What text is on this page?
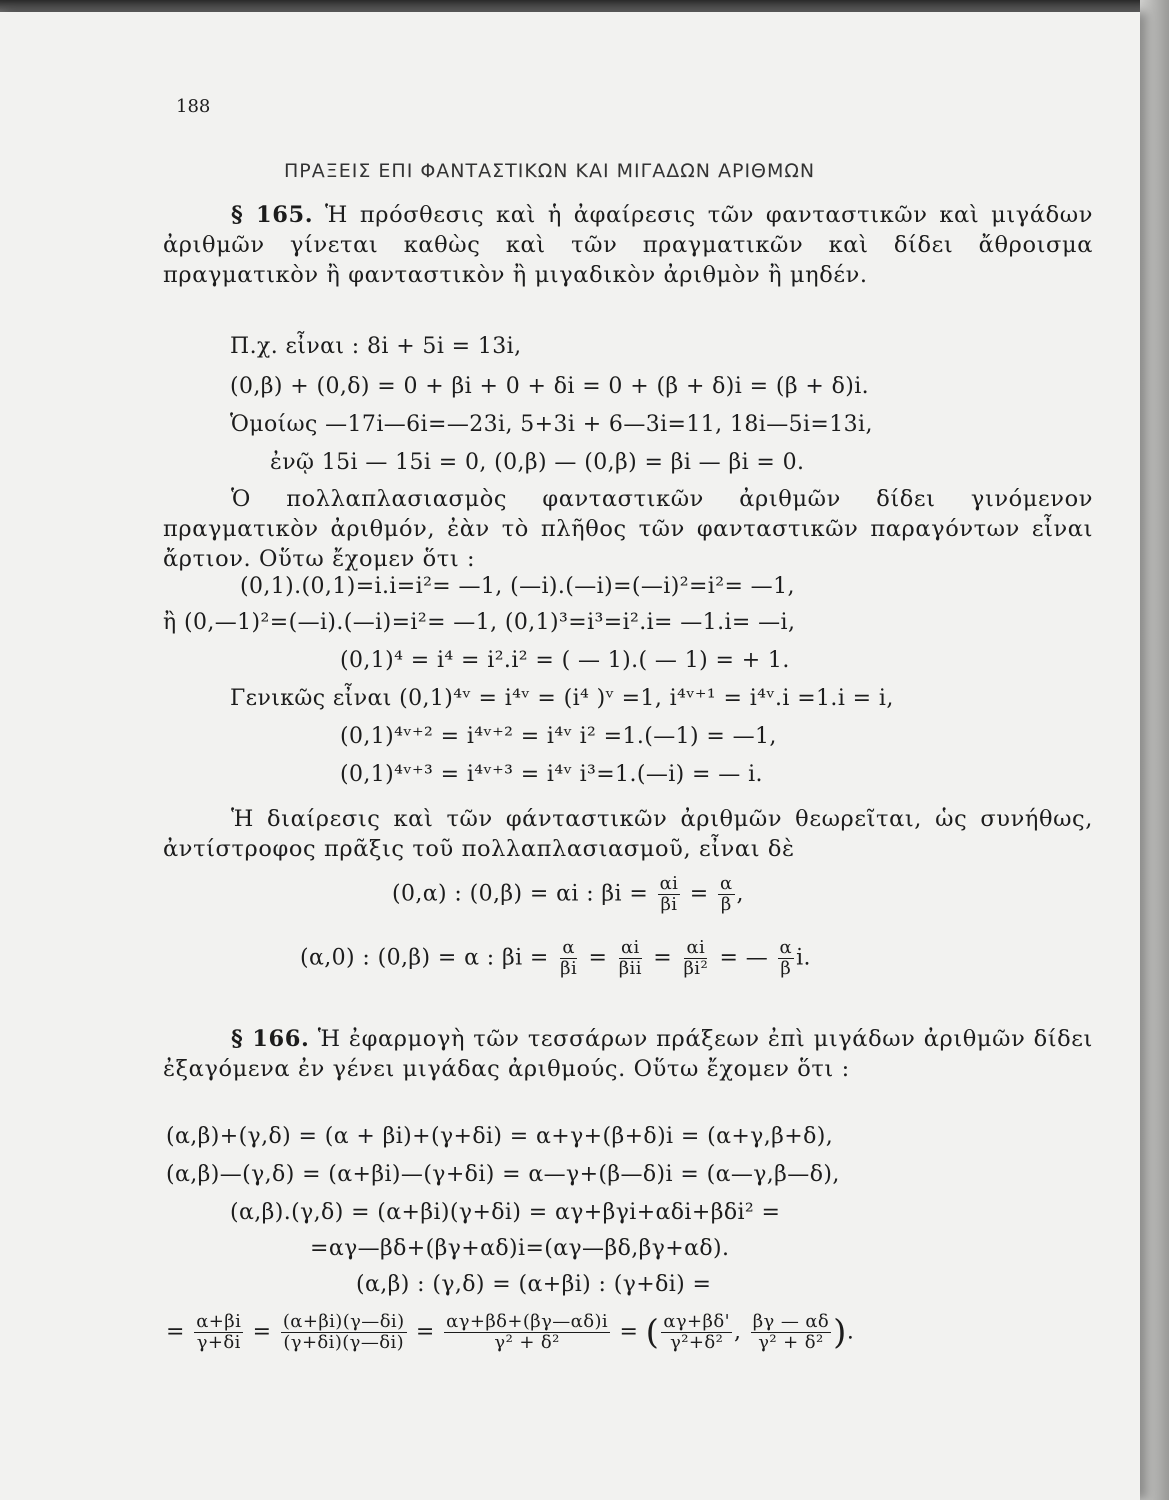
188
ΠΡΑΞΕΙΣ ΕΠΙ ΦΑΝΤΑΣΤΙΚΩΝ ΚΑΙ ΜΙΓΑΔΩΝ ΑΡΙΘΜΩΝ
§ 165. Ἡ πρόσθεσις καὶ ἡ ἀφαίρεσις τῶν φανταστικῶν καὶ μιγάδων ἀριθμῶν γίνεται καθὼς καὶ τῶν πραγματικῶν καὶ δίδει ἄθροισμα πραγματικὸν ἢ φανταστικὸν ἢ μιγαδικὸν ἀριθμὸν ἢ μηδέν.
Π.χ. εἶναι : 8i + 5i = 13i,
(0,β) + (0,δ) = 0 + βi + 0 + δi = 0 + (β + δ)i = (β + δ)i.
Ὁμοίως —17i—6i=—23i, 5+3i + 6—3i=11, 18i—5i=13i,
ἐνῷ 15i — 15i = 0, (0,β) — (0,β) = βi — βi = 0.
Ὁ πολλαπλασιασμὸς φανταστικῶν ἀριθμῶν δίδει γινόμενον πραγματικὸν ἀριθμόν, ἐὰν τὸ πλῆθος τῶν φανταστικῶν παραγόντων εἶναι ἄρτιον. Οὕτω ἔχομεν ὅτι :
(0,1).(0,1)=i.i=i²= —1, (—i).(—i)=(—i)²=i²= —1,
ἢ (0,—1)²=(—i).(—i)=i²= —1, (0,1)³=i³=i².i= —1.i= —i,
(0,1)⁴ = i⁴ = i².i² = ( — 1).( — 1) = + 1.
Γενικῶς εἶναι (0,1)⁴ᵛ = i⁴ᵛ = (i⁴ )ᵛ =1, i⁴ᵛ⁺¹ = i⁴ᵛ.i =1.i = i,
(0,1)⁴ᵛ⁺² = i⁴ᵛ⁺² = i⁴ᵛ i² =1.(—1) = —1,
(0,1)⁴ᵛ⁺³ = i⁴ᵛ⁺³ = i⁴ᵛ i³=1.(—i) = — i.
Ἡ διαίρεσις καὶ τῶν φάνταστικῶν ἀριθμῶν θεωρεῖται, ὡς συνήθως, ἀντίστροφος πρᾶξις τοῦ πολλαπλασιασμοῦ, εἶναι δὲ
(0,α) : (0,β) = αi : $\beta i = \frac{\alpha i}{\beta i} = \frac{\alpha}{\beta}$ ,
(α,0) : (0,β) = α : $\beta i = \frac{\alpha}{\beta i} = \frac{\alpha i}{\text{βii}} = \frac{\alpha i}{\text{βi²}}$ = — $\frac{\alpha}{\beta} i$.
§ 166. Ἡ ἐφαρμογὴ τῶν τεσσάρων πράξεων ἐπὶ μιγάδων ἀριθμῶν δίδει ἐξαγόμενα ἐν γένει μιγάδας ἀριθμούς. Οὕτω ἔχομεν ὅτι :
(α,β)+(γ,δ) = (α + βi)+(γ+δi) = α+γ+(β+δ)i = (α+γ,β+δ),
(α,β)—(γ,δ) = (α+βi)—(γ+δi) = α—γ+(β—δ)i = (α—γ,β—δ),
(α,β).(γ,δ) = (α+βi)(γ+δi) = αγ+βγi+αδi+βδi² =
=αγ—βδ+(βγ+αδ)i=(αγ—βδ,βγ+αδ).
(α,β) : (γ,δ) = (α+βi) : (γ+δi) =
= $\frac{\alpha+\beta i}{\gamma+\delta i} = \frac{(\alpha+\beta i)(\gamma—\delta i)}{(\gamma+\delta i)(\gamma—\delta i)} = \frac{\alpha\gamma+\beta\delta+(\beta\gamma—\alpha\delta)i}{\text{γ² + δ²}}$ = ( $\frac{\alpha\gamma+\beta\delta'}{\text{γ²+δ²}}$ , $\frac{\beta\gamma — \alpha\delta}{\text{γ² + δ²}}$ ).
